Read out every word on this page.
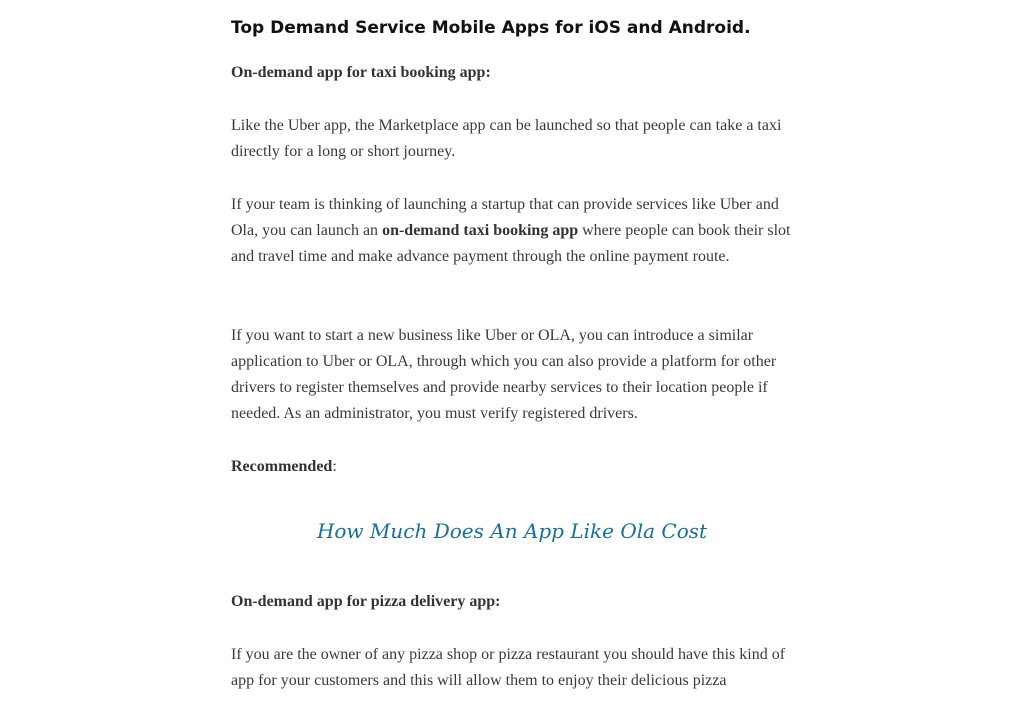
Top Demand Service Mobile Apps for iOS and Android.

On-demand app for taxi booking app:

Like the Uber app, the Marketplace app can be launched so that people can take a taxi directly for a long or short journey.

If your team is thinking of launching a startup that can provide services like Uber and Ola, you can launch an on-demand taxi booking app where people can book their slot and travel time and make advance payment through the online payment route.

If you want to start a new business like Uber or OLA, you can introduce a similar application to Uber or OLA, through which you can also provide a platform for other drivers to register themselves and provide nearby services to their location people if needed. As an administrator, you must verify registered drivers.

Recommended:

How Much Does An App Like Ola Cost

On-demand app for pizza delivery app:

If you are the owner of any pizza shop or pizza restaurant you should have this kind of app for your customers and this will allow them to enjoy their delicious pizza
